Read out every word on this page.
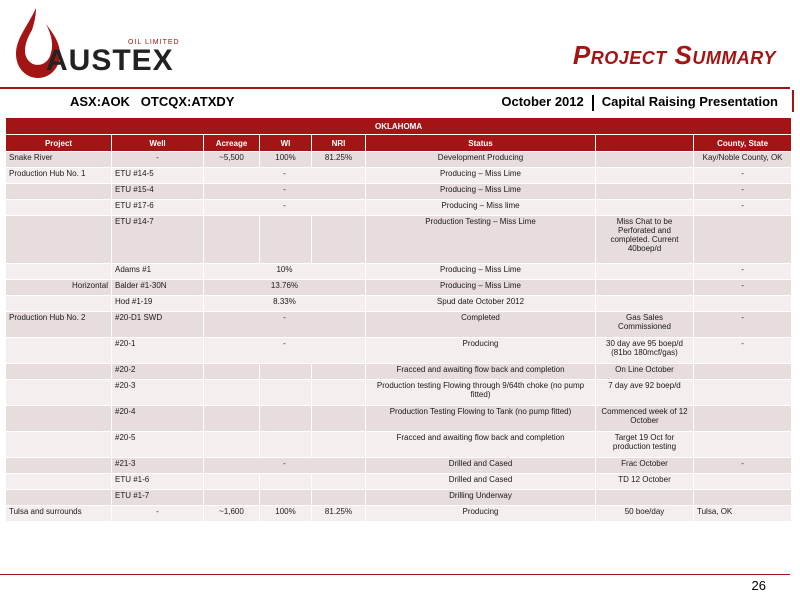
OIL LIMITED
AUSTEX	Project Summary
ASX:AOK   OTCQX:ATXDY	October 2012 Capital Raising Presentation
OKLAHOMA							
Project	Well	Acreage	WI	NRI	Status		County, State
Snake River	-	~5,500	100%	81.25%	Development Producing		Kay/Noble County, OK
Production Hub No. 1	ETU #14-5	-			Producing – Miss Lime		-
	ETU #15-4	-			Producing – Miss Lime		-
	ETU #17-6	-			Producing – Miss lime		-
	ETU #14-7				Production Testing – Miss Lime	Miss Chat to be Perforated and completed. Current 40boep/d	
	Adams #1	10%			Producing – Miss Lime		-
Horizontal	Balder #1-30N	13.76%			Producing – Miss Lime		-
	Hod #1-19	8.33%			Spud date October 2012		
Production Hub No. 2	#20-D1 SWD	-			Completed	Gas Sales Commissioned	-
	#20-1	-			Producing	30 day ave 95 boep/d (81bo 180mcf/gas)	-
	#20-2				Fracced and awaiting flow back and completion	On Line October	
	#20-3				Production testing Flowing through 9/64th choke (no pump fitted)	7 day ave 92 boep/d	
	#20-4				Production Testing Flowing to Tank (no pump fitted)	Commenced week of 12 October	
	#20-5				Fracced and awaiting flow back and completion	Target 19 Oct for production testing	
	#21-3	-			Drilled and Cased	Frac October	-
	ETU #1-6				Drilled and Cased	TD 12 October	
	ETU #1-7				Drilling Underway		
Tulsa and surrounds	-	~1,600	100%	81.25%	Producing	50 boe/day	Tulsa, OK
26
